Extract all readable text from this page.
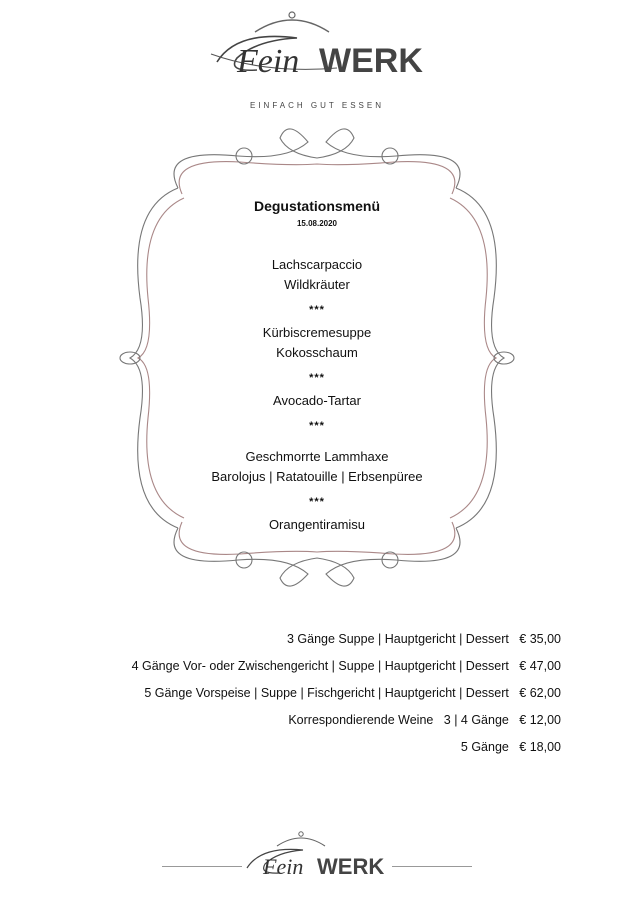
Fein WERK
EINFACH GUT ESSEN
Degustationsmenü
15.08.2020
Lachscarpaccio
Wildkräuter
***
Kürbiscremesuppe
Kokosschaum
***
Avocado-Tartar
***
Geschmorrte Lammhaxe
Barolojus | Ratatouille | Erbsenpüree
***
Orangentiramisu
3 Gänge Suppe | Hauptgericht | Dessert   € 35,00
4 Gänge Vor- oder Zwischengericht | Suppe | Hauptgericht | Dessert   € 47,00
5 Gänge Vorspeise | Suppe | Fischgericht | Hauptgericht | Dessert   € 62,00
Korrespondierende Weine   3 | 4 Gänge   € 12,00
5 Gänge   € 18,00
Fein WERK
